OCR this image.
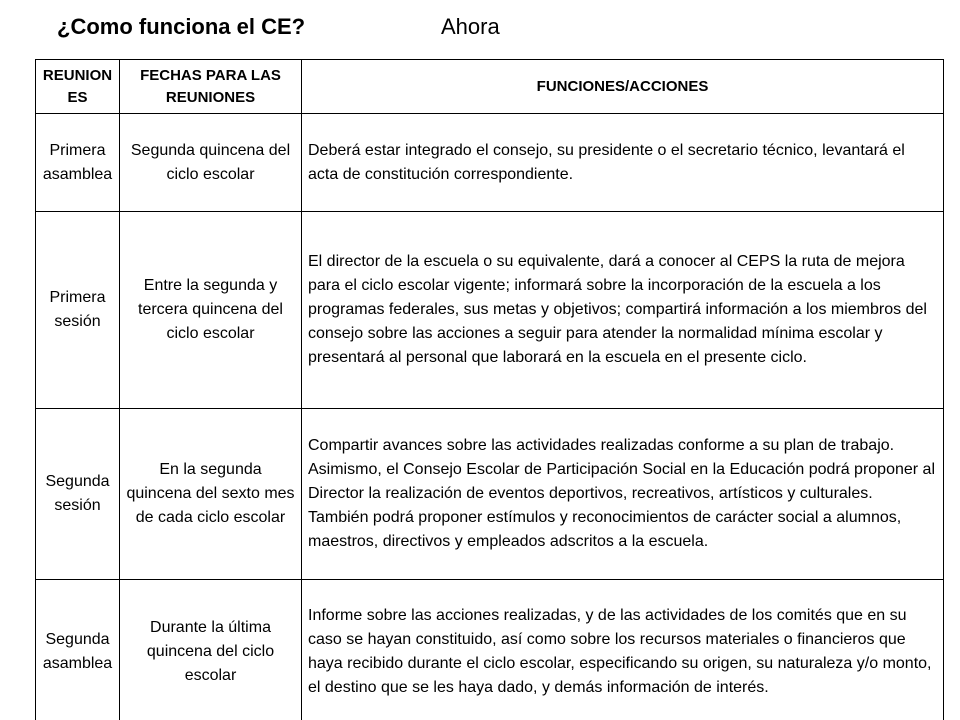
¿Como funciona el CE?	Ahora
REUNIONES	FECHAS PARA LAS REUNIONES	FUNCIONES/ACCIONES
Primera asamblea	Segunda quincena del ciclo escolar	Deberá estar integrado el consejo, su presidente o el secretario técnico, levantará el acta de constitución correspondiente.
Primera sesión	Entre la segunda y tercera quincena del ciclo escolar	El director de la escuela o su equivalente, dará a conocer al CEPS la ruta de mejora para el ciclo escolar vigente; informará sobre la incorporación de la escuela a los programas federales, sus metas y objetivos; compartirá información a los miembros del consejo sobre las acciones a seguir para atender la normalidad mínima escolar y presentará al personal que laborará en la escuela en el presente ciclo.
Segunda sesión	En la segunda quincena del sexto mes de cada ciclo escolar	Compartir avances sobre las actividades realizadas conforme a su plan de trabajo. Asimismo, el Consejo Escolar de Participación Social en la Educación podrá proponer al Director la realización de eventos deportivos, recreativos, artísticos y culturales. También podrá proponer estímulos y reconocimientos de carácter social a alumnos, maestros, directivos y empleados adscritos a la escuela.
Segunda asamblea	Durante la última quincena del ciclo escolar	Informe sobre las acciones realizadas, y de las actividades de los comités que en su caso se hayan constituido, así como sobre los recursos materiales o financieros que haya recibido durante el ciclo escolar, especificando su origen, su naturaleza y/o monto, el destino que se les haya dado, y demás información de interés.
